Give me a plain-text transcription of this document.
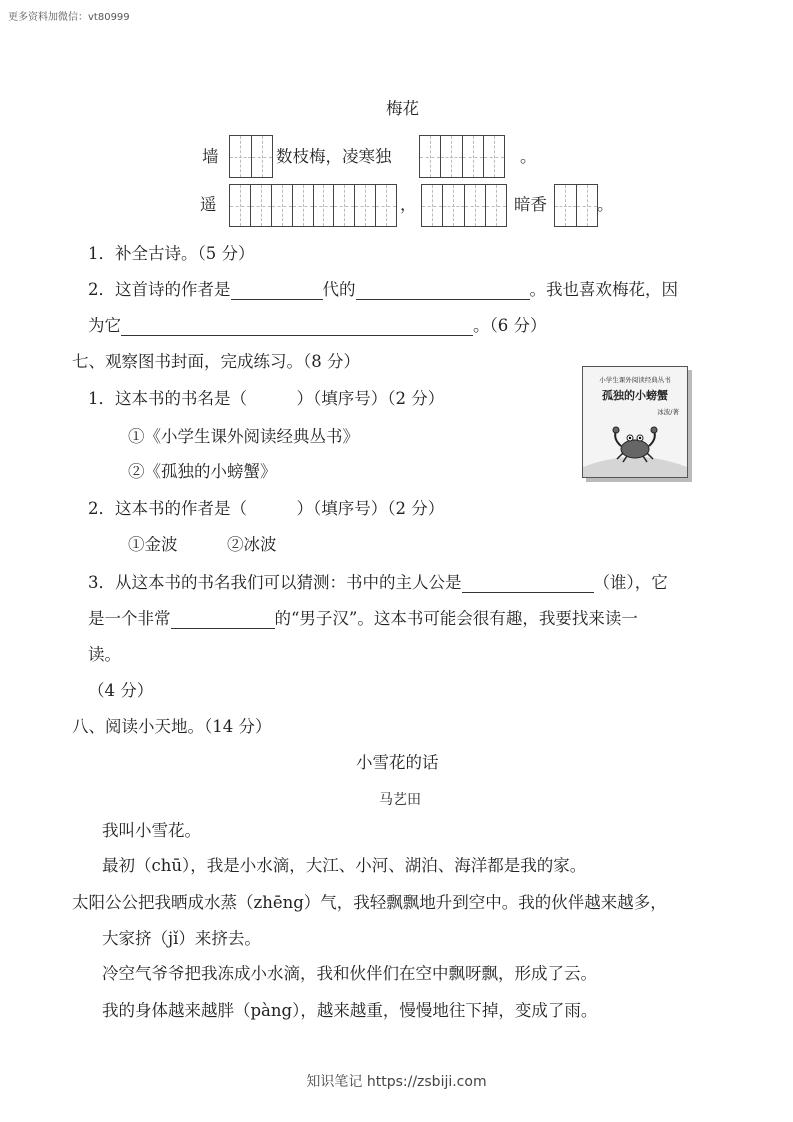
更多资料加微信：vt80999
梅花
墙	数枝梅，凌寒独	。
遥	，	暗香	。
1．补全古诗。（5 分）
2．这首诗的作者是	代的	。我也喜欢梅花，因
为它	。（6 分）
七、观察图书封面，完成练习。（8 分）
1．这本书的书名是（　　　）（填序号）（2 分）
①《小学生课外阅读经典丛书》
②《孤独的小螃蟹》
2．这本书的作者是（　　　）（填序号）（2 分）
①金波　　　②冰波
3．从这本书的书名我们可以猜测：书中的主人公是	（谁），它
是一个非常	的“男子汉”。这本书可能会很有趣，我要找来读一
读。
（4 分）
小学生课外阅读经典丛书
孤独的小螃蟹
冰波/著
八、阅读小天地。（14 分）
小雪花的话
马艺田
我叫小雪花。
最初（chū），我是小水滴，大江、小河、湖泊、海洋都是我的家。
太阳公公把我晒成水蒸（zhēng）气，我轻飘飘地升到空中。我的伙伴越来越多，
大家挤（jǐ）来挤去。
冷空气爷爷把我冻成小水滴，我和伙伴们在空中飘呀飘，形成了云。
我的身体越来越胖（pàng），越来越重，慢慢地往下掉，变成了雨。
知识笔记 https://zsbiji.com
